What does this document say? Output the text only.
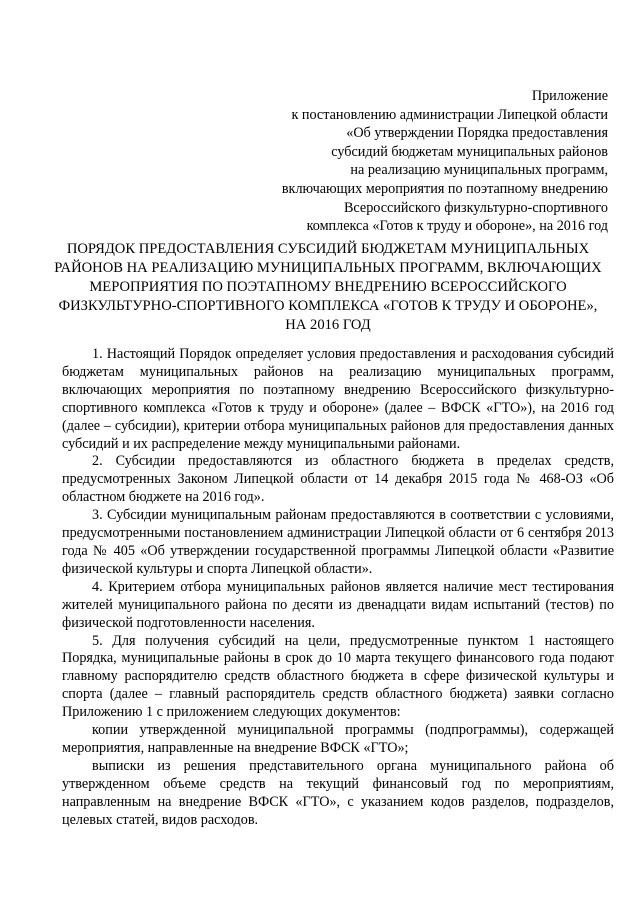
Приложение
к постановлению администрации Липецкой области
«Об утверждении Порядка предоставления
субсидий бюджетам муниципальных районов
на реализацию муниципальных программ,
включающих мероприятия по поэтапному внедрению
Всероссийского физкультурно-спортивного
комплекса «Готов к труду и обороне», на 2016 год
ПОРЯДОК ПРЕДОСТАВЛЕНИЯ СУБСИДИЙ БЮДЖЕТАМ МУНИЦИПАЛЬНЫХ РАЙОНОВ НА РЕАЛИЗАЦИЮ МУНИЦИПАЛЬНЫХ ПРОГРАММ, ВКЛЮЧАЮЩИХ МЕРОПРИЯТИЯ ПО ПОЭТАПНОМУ ВНЕДРЕНИЮ ВСЕРОССИЙСКОГО ФИЗКУЛЬТУРНО-СПОРТИВНОГО КОМПЛЕКСА «ГОТОВ К ТРУДУ И ОБОРОНЕ», НА 2016 ГОД

1. Настоящий Порядок определяет условия предоставления и расходования субсидий бюджетам муниципальных районов на реализацию муниципальных программ, включающих мероприятия по поэтапному внедрению Всероссийского физкультурно-спортивного комплекса «Готов к труду и обороне» (далее – ВФСК «ГТО»), на 2016 год (далее – субсидии), критерии отбора муниципальных районов для предоставления данных субсидий и их распределение между муниципальными районами.

2. Субсидии предоставляются из областного бюджета в пределах средств, предусмотренных Законом Липецкой области от 14 декабря 2015 года № 468-ОЗ «Об областном бюджете на 2016 год».

3. Субсидии муниципальным районам предоставляются в соответствии с условиями, предусмотренными постановлением администрации Липецкой области от 6 сентября 2013 года № 405 «Об утверждении государственной программы Липецкой области «Развитие физической культуры и спорта Липецкой области».

4. Критерием отбора муниципальных районов является наличие мест тестирования жителей муниципального района по десяти из двенадцати видам испытаний (тестов) по физической подготовленности населения.

5. Для получения субсидий на цели, предусмотренные пунктом 1 настоящего Порядка, муниципальные районы в срок до 10 марта текущего финансового года подают главному распорядителю средств областного бюджета в сфере физической культуры и спорта (далее – главный распорядитель средств областного бюджета) заявки согласно Приложению 1 с приложением следующих документов:

копии утвержденной муниципальной программы (подпрограммы), содержащей мероприятия, направленные на внедрение ВФСК «ГТО»;

выписки из решения представительного органа муниципального района об утвержденном объеме средств на текущий финансовый год по мероприятиям, направленным на внедрение ВФСК «ГТО», с указанием кодов разделов, подразделов, целевых статей, видов расходов.
